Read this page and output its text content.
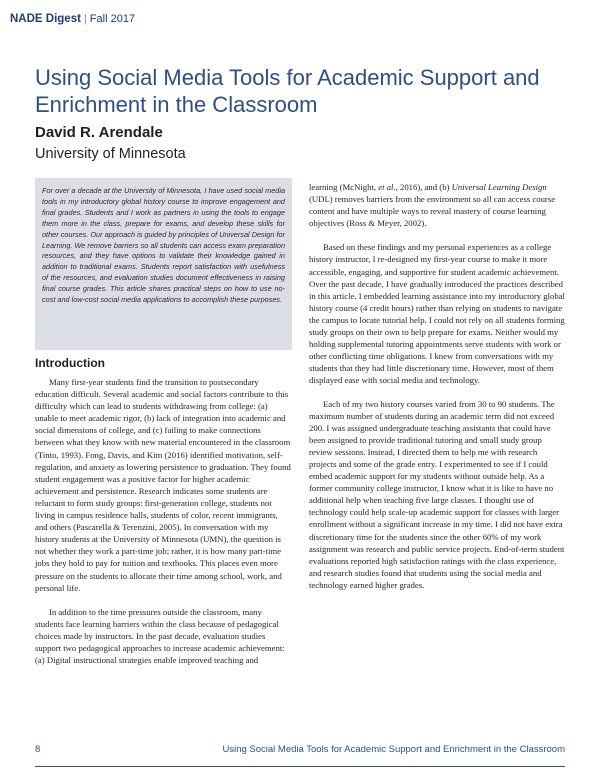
NADE Digest | Fall 2017
Using Social Media Tools for Academic Support and Enrichment in the Classroom

David R. Arendale

University of Minnesota

For over a decade at the University of Minnesota, I have used social media tools in my introductory global history course to improve engagement and final grades. Students and I work as partners in using the tools to engage them more in the class, prepare for exams, and develop these skills for other courses. Our approach is guided by principles of Universal Design for Learning. We remove barriers so all students can access exam preparation resources, and they have options to validate their knowledge gained in addition to traditional exams. Students report satisfaction with usefulness of the resources, and evaluation studies document effectiveness in raising final course grades. This article shares practical steps on how to use no-cost and low-cost social media applications to accomplish these purposes.

Introduction

Many first-year students find the transition to postsecondary education difficult. Several academic and social factors contribute to this difficulty which can lead to students withdrawing from college: (a) unable to meet academic rigor, (b) lack of integration into academic and social dimensions of college, and (c) failing to make connections between what they know with new material encountered in the classroom (Tinto, 1993). Fong, Davis, and Kim (2016) identified motivation, self-regulation, and anxiety as lowering persistence to graduation. They found student engagement was a positive factor for higher academic achievement and persistence. Research indicates some students are reluctant to form study groups: first-generation college, students not living in campus residence halls, students of color, recent immigrants, and others (Pascarella & Terenzini, 2005). In conversation with my history students at the University of Minnesota (UMN), the question is not whether they work a part-time job; rather, it is how many part-time jobs they hold to pay for tuition and textbooks. This places even more pressure on the students to allocate their time among school, work, and personal life.

In addition to the time pressures outside the classroom, many students face learning barriers within the class because of pedagogical choices made by instructors. In the past decade, evaluation studies support two pedagogical approaches to increase academic achievement: (a) Digital instructional strategies enable improved teaching and

learning (McNight, et al., 2016), and (b) Universal Learning Design (UDL) removes barriers from the environment so all can access course content and have multiple ways to reveal mastery of course learning objectives (Ross & Meyer, 2002).

Based on these findings and my personal experiences as a college history instructor, I re-designed my first-year course to make it more accessible, engaging, and supportive for student academic achievement. Over the past decade, I have gradually introduced the practices described in this article. I embedded learning assistance into my introductory global history course (4 credit hours) rather than relying on students to navigate the campus to locate tutorial help. I could not rely on all students forming study groups on their own to help prepare for exams. Neither would my holding supplemental tutoring appointments serve students with work or other conflicting time obligations. I knew from conversations with my students that they had little discretionary time. However, most of them displayed ease with social media and technology.

Each of my two history courses varied from 30 to 90 students. The maximum number of students during an academic term did not exceed 200. I was assigned undergraduate teaching assistants that could have been assigned to provide traditional tutoring and small study group review sessions. Instead, I directed them to help me with research projects and some of the grade entry. I experimented to see if I could embed academic support for my students without outside help. As a former community college instructor, I know what it is like to have no additional help when teaching five large classes. I thought use of technology could help scale-up academic support for classes with larger enrollment without a significant increase in my time. I did not have extra discretionary time for the students since the other 60% of my work assignment was research and public service projects. End-of-term student evaluations reported high satisfaction ratings with the class experience, and research studies found that students using the social media and technology earned higher grades.

8	Using Social Media Tools for Academic Support and Enrichment in the Classroom
